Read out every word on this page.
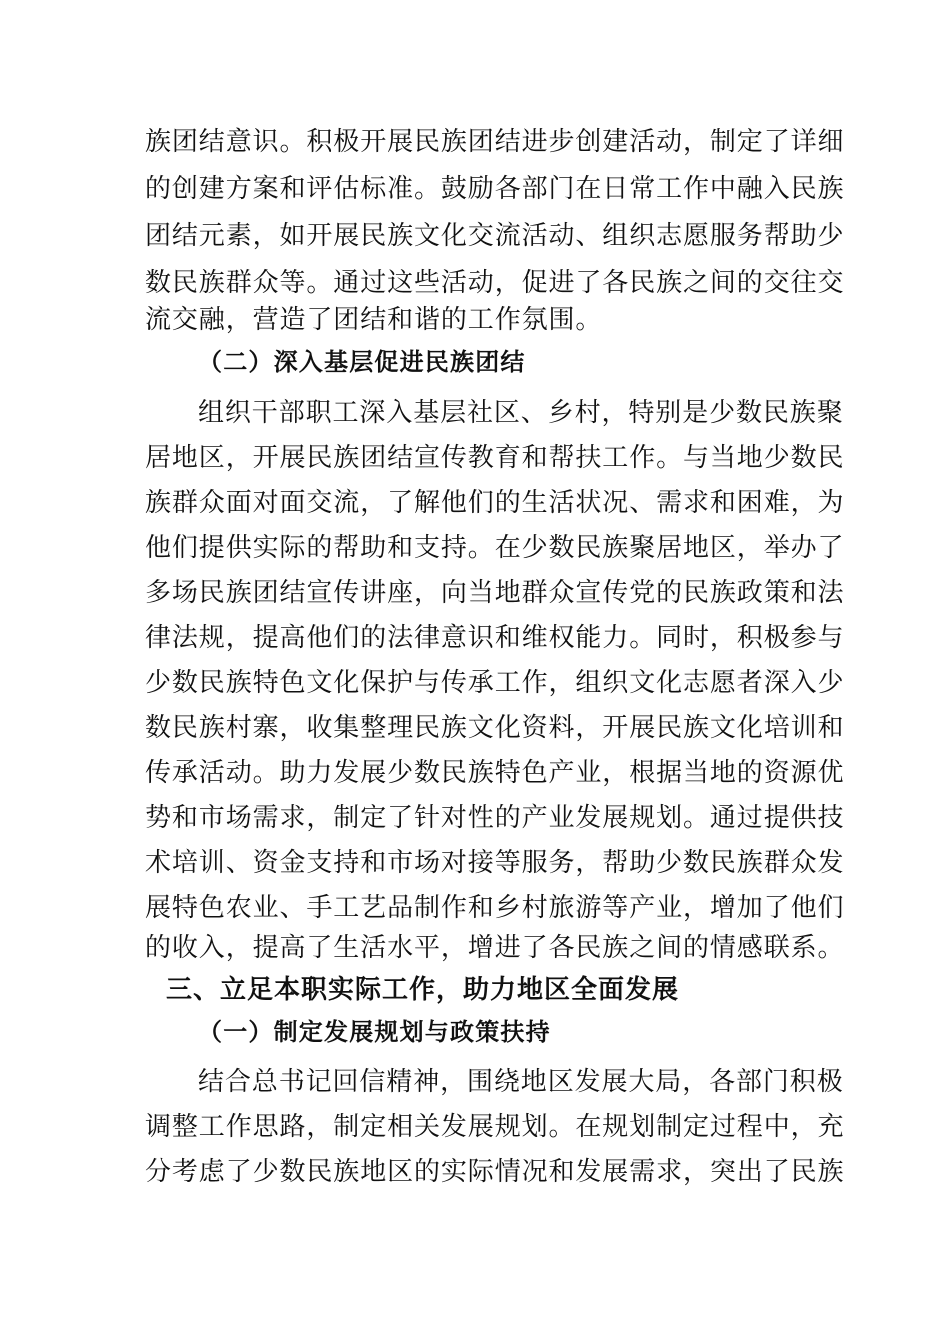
族团结意识。积极开展民族团结进步创建活动，制定了详细
的创建方案和评估标准。鼓励各部门在日常工作中融入民族
团结元素，如开展民族文化交流活动、组织志愿服务帮助少
数民族群众等。通过这些活动，促进了各民族之间的交往交
流交融，营造了团结和谐的工作氛围。
（二）深入基层促进民族团结
组织干部职工深入基层社区、乡村，特别是少数民族聚
居地区，开展民族团结宣传教育和帮扶工作。与当地少数民
族群众面对面交流，了解他们的生活状况、需求和困难，为
他们提供实际的帮助和支持。在少数民族聚居地区，举办了
多场民族团结宣传讲座，向当地群众宣传党的民族政策和法
律法规，提高他们的法律意识和维权能力。同时，积极参与
少数民族特色文化保护与传承工作，组织文化志愿者深入少
数民族村寨，收集整理民族文化资料，开展民族文化培训和
传承活动。助力发展少数民族特色产业，根据当地的资源优
势和市场需求，制定了针对性的产业发展规划。通过提供技
术培训、资金支持和市场对接等服务，帮助少数民族群众发
展特色农业、手工艺品制作和乡村旅游等产业，增加了他们
的收入，提高了生活水平，增进了各民族之间的情感联系。
三、立足本职实际工作，助力地区全面发展
（一）制定发展规划与政策扶持
结合总书记回信精神，围绕地区发展大局，各部门积极
调整工作思路，制定相关发展规划。在规划制定过程中，充
分考虑了少数民族地区的实际情况和发展需求，突出了民族
